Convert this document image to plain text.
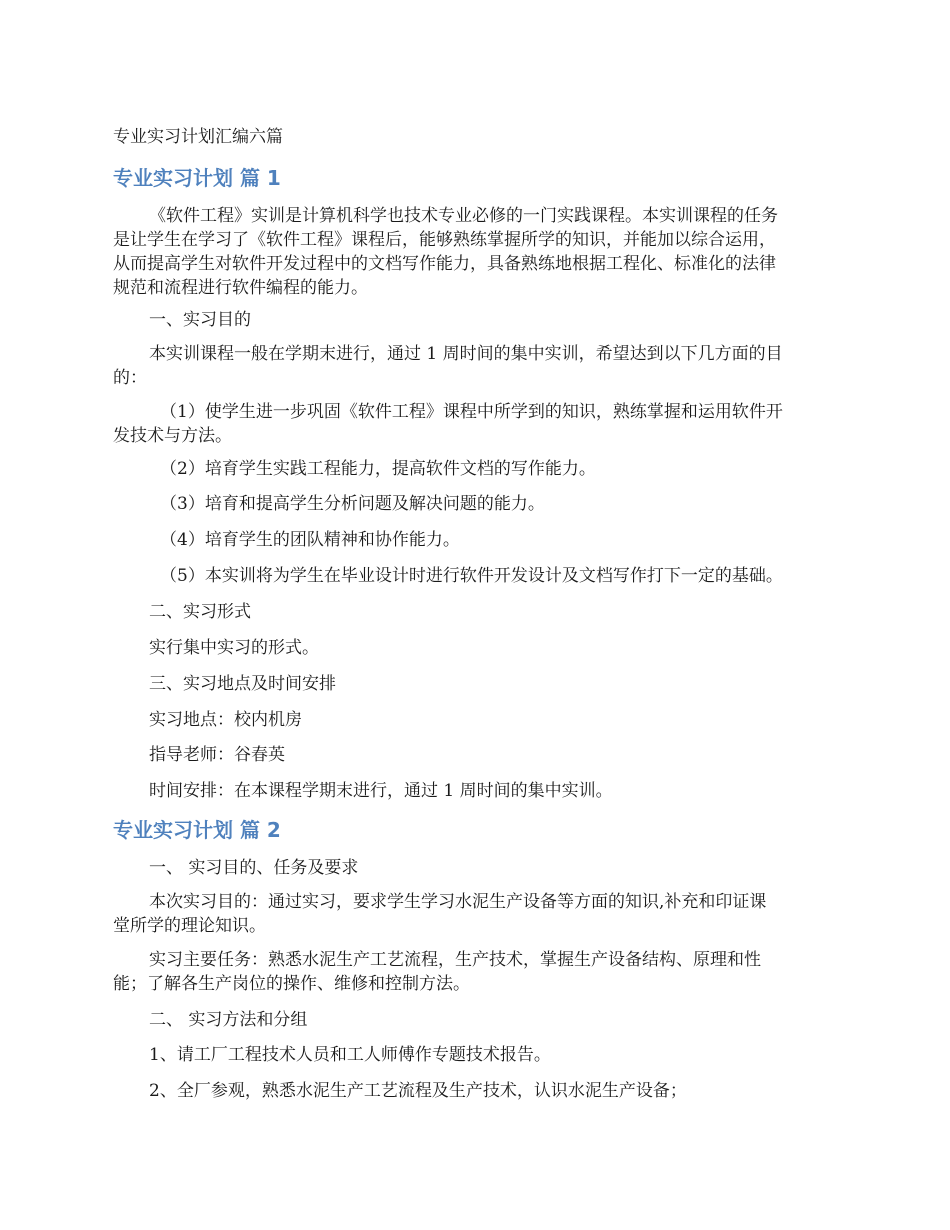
专业实习计划汇编六篇
专业实习计划 篇 1

《软件工程》实训是计算机科学也技术专业必修的一门实践课程。本实训课程的任务

是让学生在学习了《软件工程》课程后，能够熟练掌握所学的知识，并能加以综合运用，

从而提高学生对软件开发过程中的文档写作能力，具备熟练地根据工程化、标准化的法律

规范和流程进行软件编程的能力。

一、实习目的

本实训课程一般在学期末进行，通过 1 周时间的集中实训，希望达到以下几方面的目

的：

（1）使学生进一步巩固《软件工程》课程中所学到的知识，熟练掌握和运用软件开

发技术与方法。

（2）培育学生实践工程能力，提高软件文档的写作能力。

（3）培育和提高学生分析问题及解决问题的能力。

（4）培育学生的团队精神和协作能力。

（5）本实训将为学生在毕业设计时进行软件开发设计及文档写作打下一定的基础。

二、实习形式

实行集中实习的形式。

三、实习地点及时间安排

实习地点：校内机房

指导老师：谷春英

时间安排：在本课程学期末进行，通过 1 周时间的集中实训。

专业实习计划 篇 2

一、 实习目的、任务及要求

本次实习目的：通过实习，要求学生学习水泥生产设备等方面的知识,补充和印证课

堂所学的理论知识。

实习主要任务：熟悉水泥生产工艺流程，生产技术，掌握生产设备结构、原理和性

能；了解各生产岗位的操作、维修和控制方法。

二、 实习方法和分组

1、请工厂工程技术人员和工人师傅作专题技术报告。

2、全厂参观，熟悉水泥生产工艺流程及生产技术，认识水泥生产设备；
